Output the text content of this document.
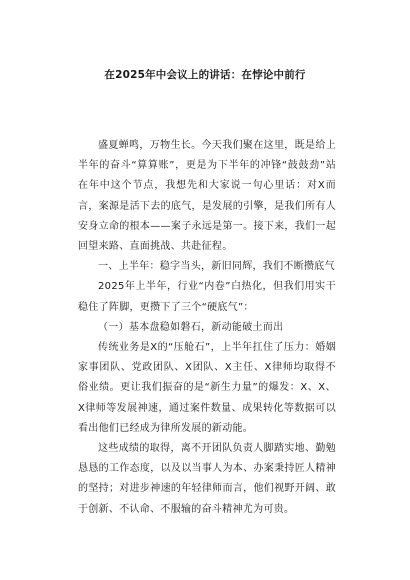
在2025年中会议上的讲话：在悖论中前行

盛夏蝉鸣，万物生长。今天我们聚在这里，既是给上半年的奋斗“算算账”，更是为下半年的冲锋“鼓鼓劲”站在年中这个节点，我想先和大家说一句心里话：对X而言，案源是活下去的底气，是发展的引擎，是我们所有人安身立命的根本——案子永远是第一。接下来，我们一起回望来路、直面挑战、共赴征程。

一、上半年：稳字当头，新旧同辉，我们不断攒底气

2025年上半年，行业“内卷”白热化，但我们用实干稳住了阵脚，更攒下了三个“硬底气”：

（一）基本盘稳如磐石，新动能破土而出

传统业务是X的“压舱石”，上半年扛住了压力：婚姻家事团队、党政团队、X团队、X主任、X律师均取得不俗业绩。更让我们振奋的是“新生力量”的爆发：X、X、X律师等发展神速，通过案件数量、成果转化等数据可以看出他们已经成为律所发展的新动能。

这些成绩的取得，离不开团队负责人脚踏实地、勤勉恳恳的工作态度，以及以当事人为本、办案秉持匠人精神的坚持；对进步神速的年轻律师而言，他们视野开阔、敢于创新、不认命、不服输的奋斗精神尤为可贵。
